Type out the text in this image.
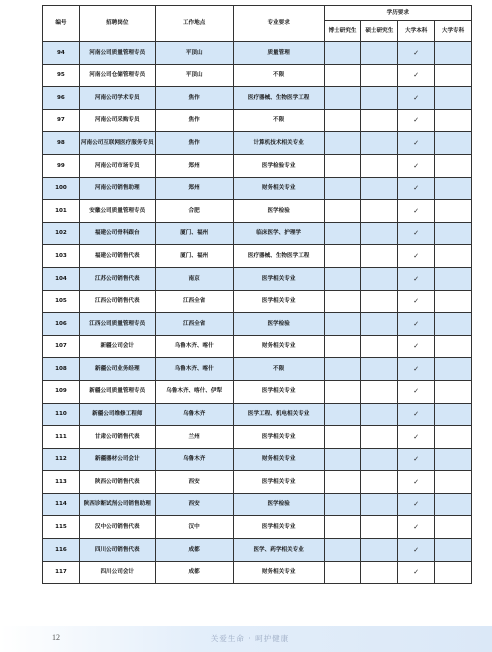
编号	招聘岗位	工作地点	专业要求	学历要求			
				博士研究生	硕士研究生	大学本科	大学专科
94	河南公司质量管理专员	平顶山	质量管理			✓	
95	河南公司仓储管理专员	平顶山	不限			✓	
96	河南公司学术专员	焦作	医疗器械、生物医学工程			✓	
97	河南公司采购专员	焦作	不限			✓	
98	河南公司互联网医疗服务专员	焦作	计算机技术相关专业			✓	
99	河南公司市场专员	郑州	医学检验专业			✓	
100	河南公司销售助理	郑州	财务相关专业			✓	
101	安徽公司质量管理专员	合肥	医学检验			✓	
102	福建公司骨科跟台	厦门、福州	临床医学、护理学			✓	
103	福建公司销售代表	厦门、福州	医疗器械、生物医学工程			✓	
104	江苏公司销售代表	南京	医学相关专业			✓	
105	江西公司销售代表	江西全省	医学相关专业			✓	
106	江西公司质量管理专员	江西全省	医学检验			✓	
107	新疆公司会计	乌鲁木齐、喀什	财务相关专业			✓	
108	新疆公司业务经理	乌鲁木齐、喀什	不限			✓	
109	新疆公司质量管理专员	乌鲁木齐、喀什、伊犁	医学相关专业			✓	
110	新疆公司维修工程师	乌鲁木齐	医学工程、机电相关专业			✓	
111	甘肃公司销售代表	兰州	医学相关专业			✓	
112	新疆器材公司会计	乌鲁木齐	财务相关专业			✓	
113	陕西公司销售代表	西安	医学相关专业			✓	
114	陕西诊断试剂公司销售助理	西安	医学检验			✓	
115	汉中公司销售代表	汉中	医学相关专业			✓	
116	四川公司销售代表	成都	医学、药学相关专业			✓	
117	四川公司会计	成都	财务相关专业			✓	
12	关爱生命 · 呵护健康
